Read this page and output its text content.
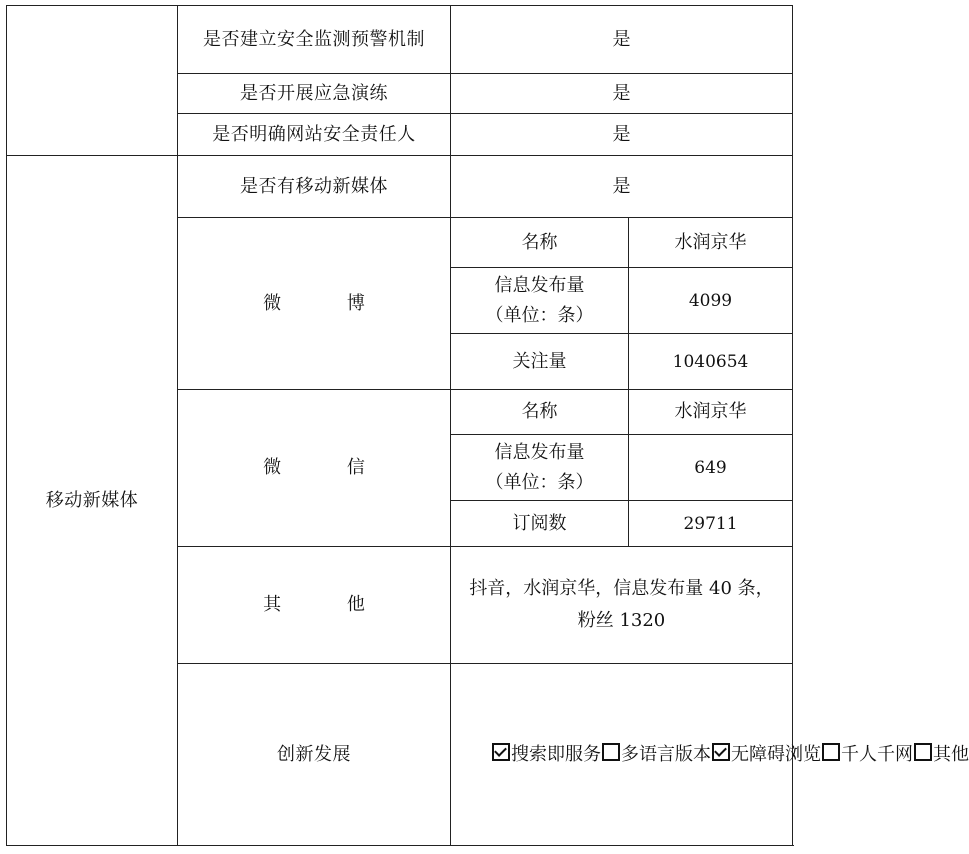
	是否建立安全监测预警机制	是	
	是否开展应急演练	是	
	是否明确网站安全责任人	是	
移动新媒体	是否有移动新媒体	是	
	微 博	名称	水润京华
		信息发布量（单位：条）	4099
		关注量	1040654
	微 信	名称	水润京华
		信息发布量（单位：条）	649
		订阅数	29711
	其 他	抖音，水润京华，信息发布量 40 条，粉丝 1320	
	创新发展	搜索即服务 多语言版本 无障碍浏览 千人千网 其他	
